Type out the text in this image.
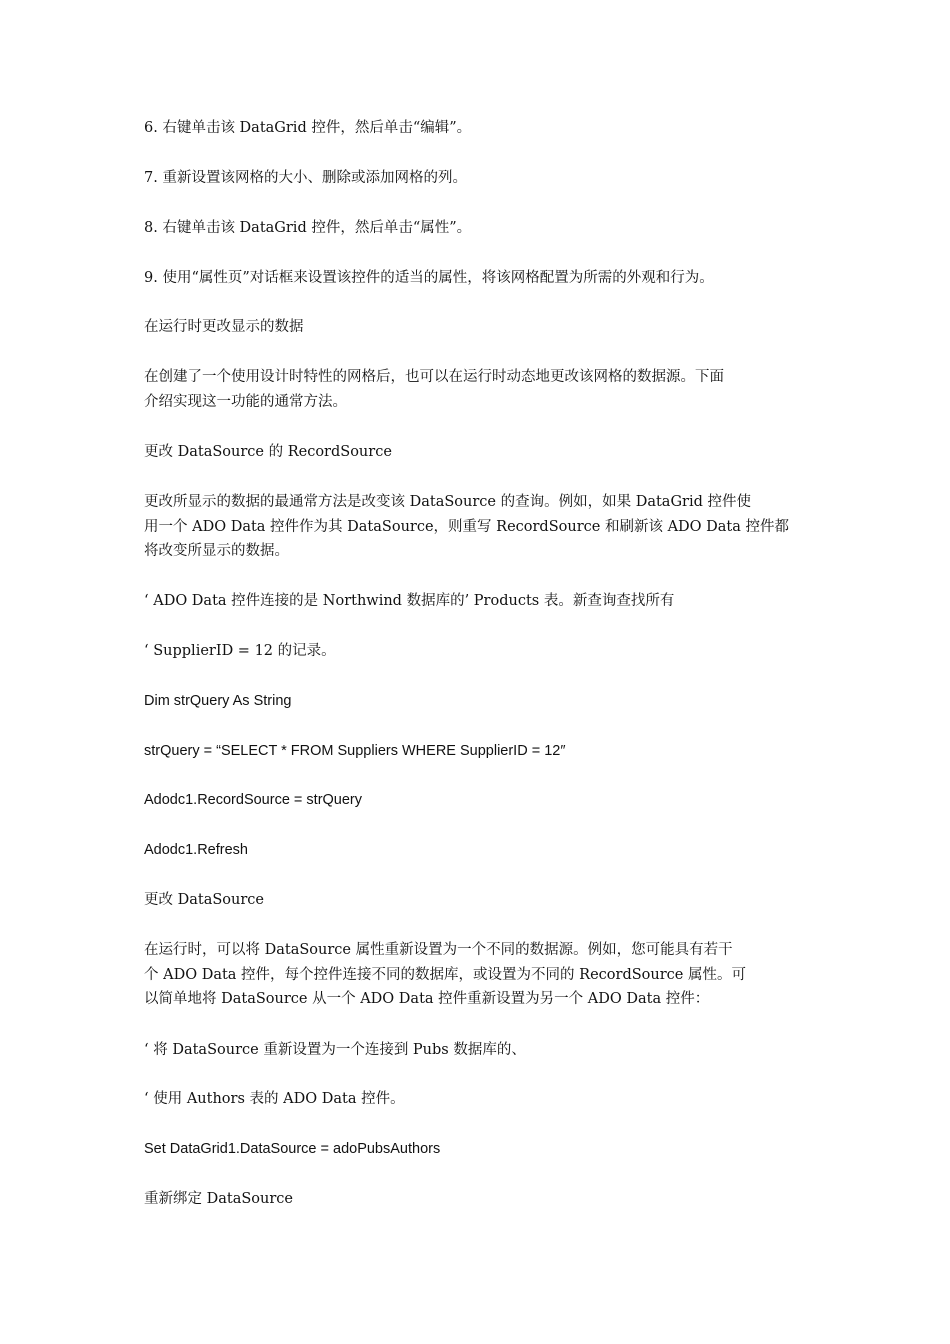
6. 右键单击该 DataGrid 控件，然后单击“编辑”。
7. 重新设置该网格的大小、删除或添加网格的列。
8. 右键单击该 DataGrid 控件，然后单击“属性”。
9. 使用“属性页”对话框来设置该控件的适当的属性，将该网格配置为所需的外观和行为。
在运行时更改显示的数据
在创建了一个使用设计时特性的网格后，也可以在运行时动态地更改该网格的数据源。下面
介绍实现这一功能的通常方法。
更改 DataSource 的 RecordSource
更改所显示的数据的最通常方法是改变该 DataSource 的查询。例如，如果 DataGrid 控件使
用一个 ADO Data 控件作为其 DataSource，则重写 RecordSource 和刷新该 ADO Data 控件都
将改变所显示的数据。
‘ ADO Data 控件连接的是 Northwind 数据库的’ Products 表。新查询查找所有
‘ SupplierID = 12 的记录。
Dim strQuery As String
strQuery = “SELECT * FROM Suppliers WHERE SupplierID = 12″
Adodc1.RecordSource = strQuery
Adodc1.Refresh
更改 DataSource
在运行时，可以将 DataSource 属性重新设置为一个不同的数据源。例如，您可能具有若干
个 ADO Data 控件，每个控件连接不同的数据库，或设置为不同的 RecordSource 属性。可
以简单地将 DataSource 从一个 ADO Data 控件重新设置为另一个 ADO Data 控件：
‘ 将 DataSource 重新设置为一个连接到 Pubs 数据库的、
‘ 使用 Authors 表的 ADO Data 控件。
Set DataGrid1.DataSource = adoPubsAuthors
重新绑定 DataSource
